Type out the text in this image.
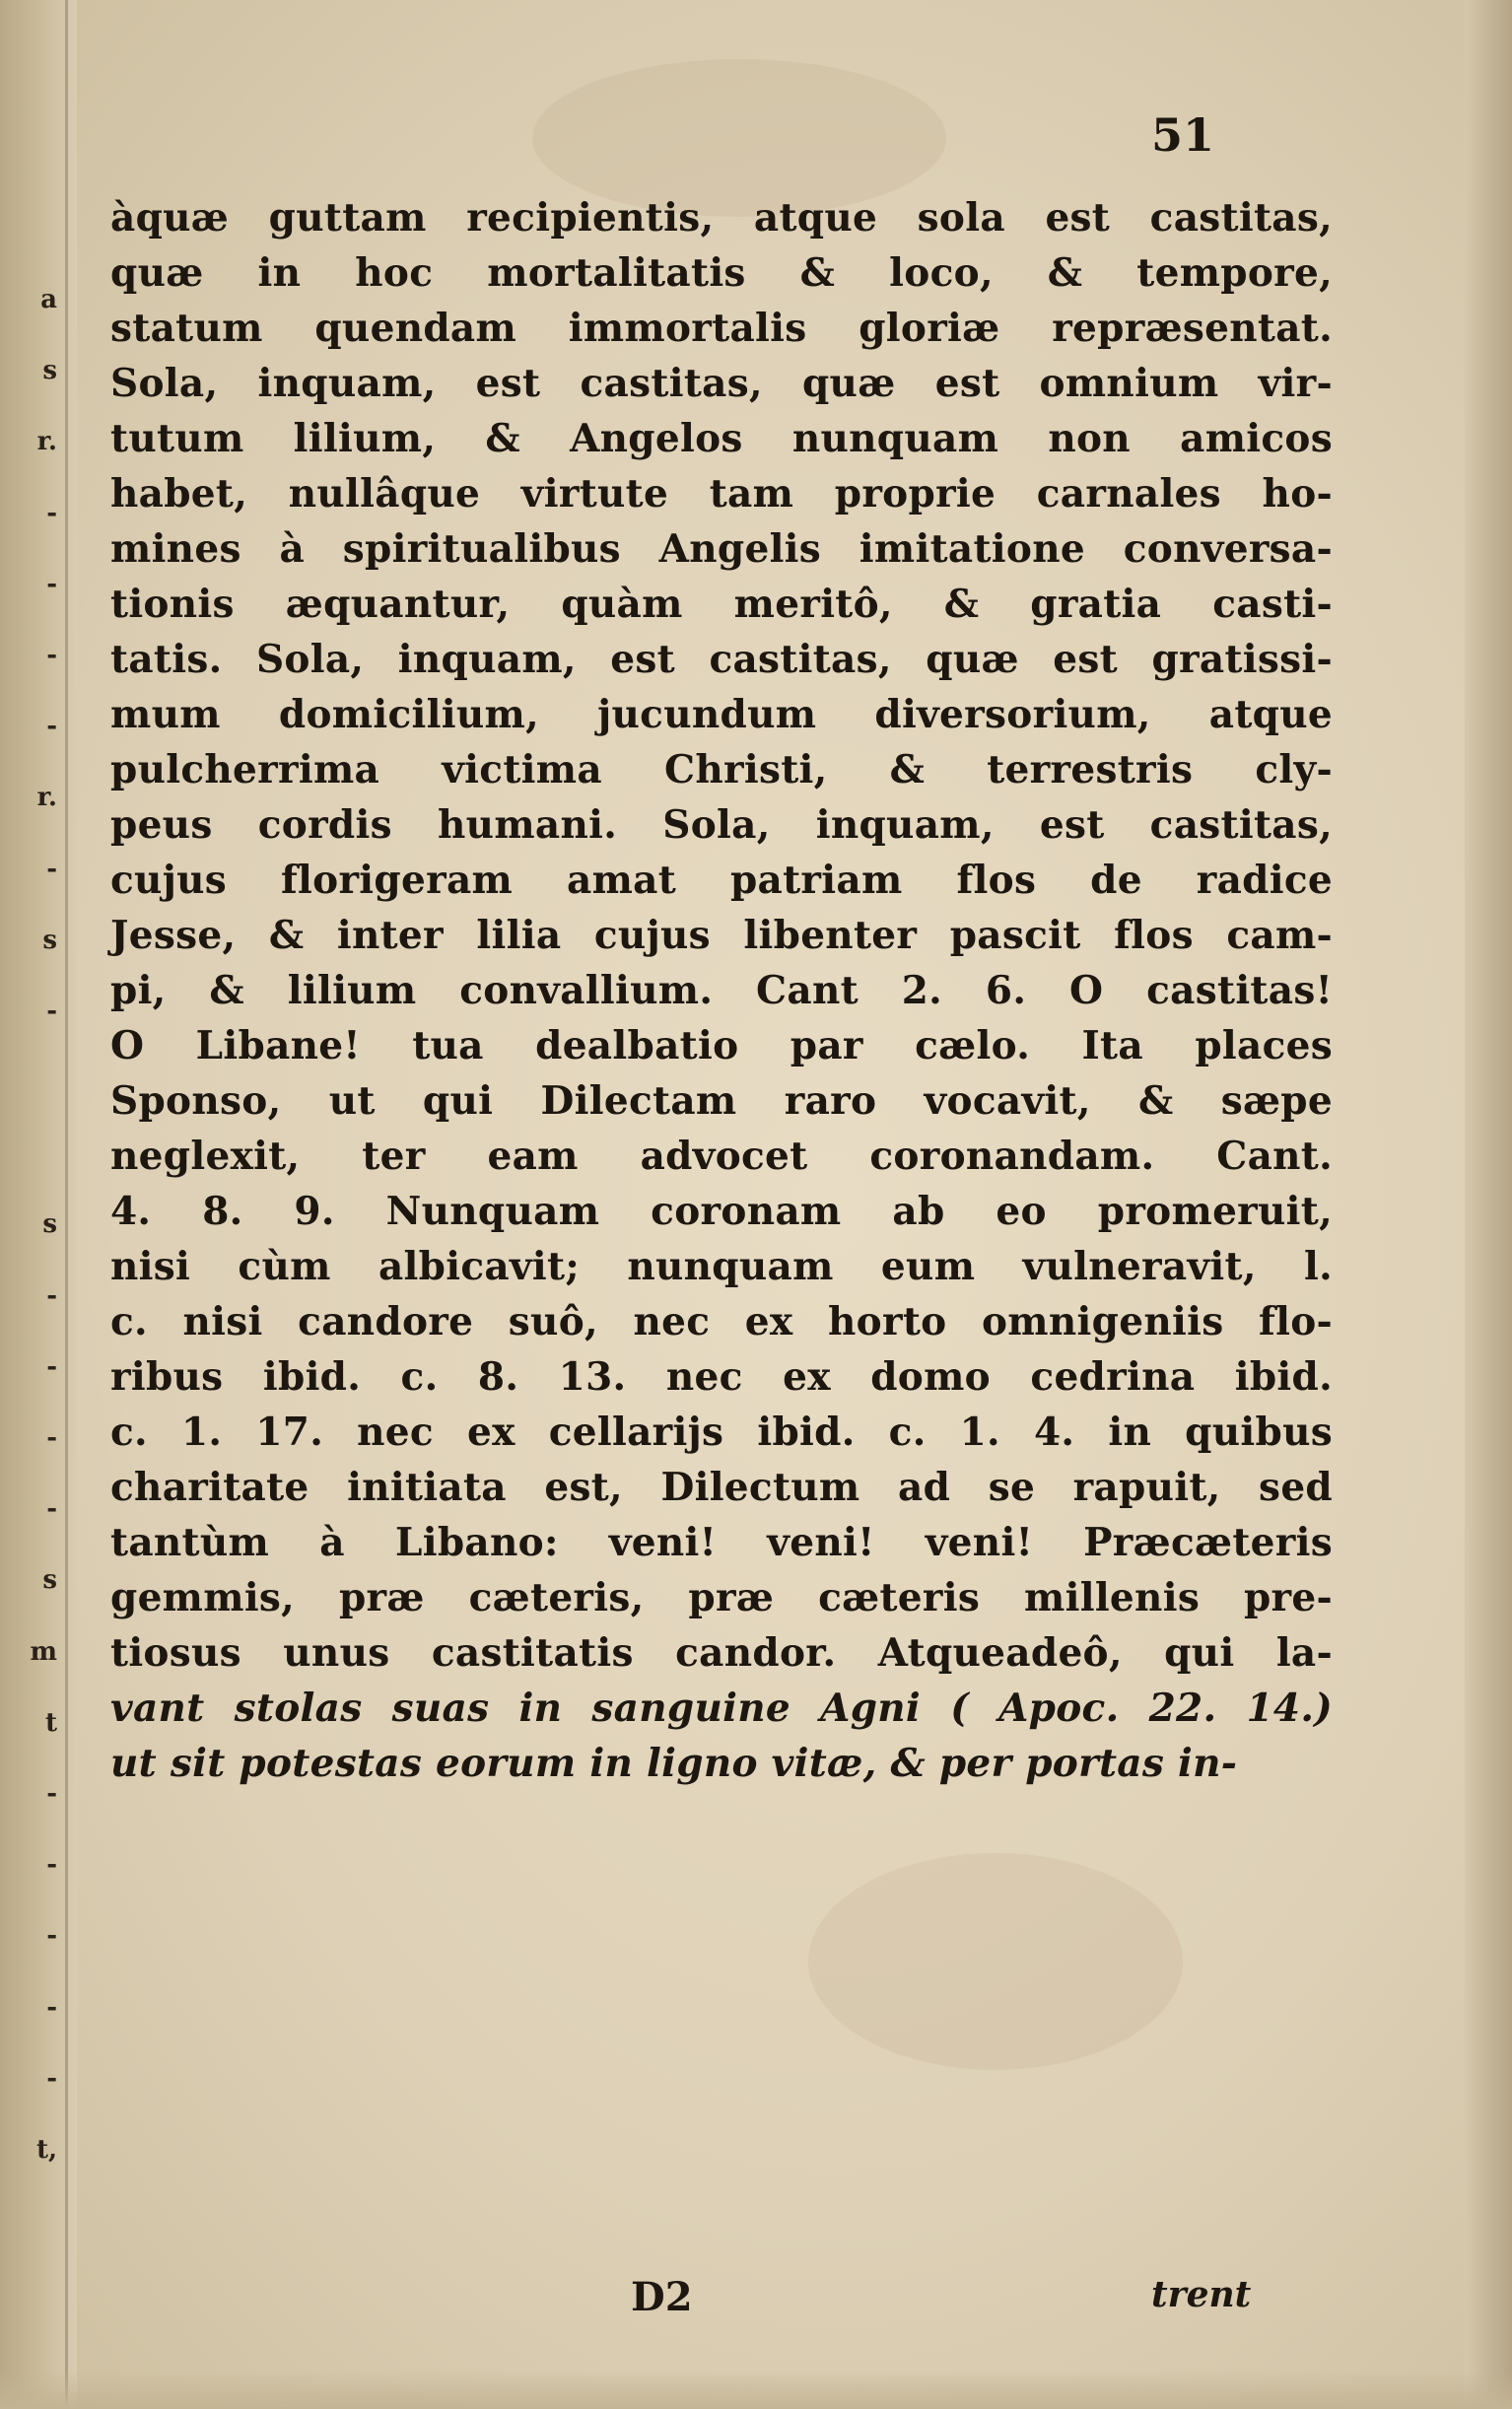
a
s
r.
-
-
-
-
r.
-
s
-
s
-
-
-
-
s
m
t
-
-
-
-
-
t,
51
àquæ guttam recipientis, atque sola est castitas,
quæ in hoc mortalitatis & loco, & tempore,
statum quendam immortalis gloriæ repræsentat.
Sola, inquam, est castitas, quæ est omnium vir-
tutum lilium, & Angelos nunquam non amicos
habet, nullâque virtute tam proprie carnales ho-
mines à spiritualibus Angelis imitatione conversa-
tionis æquantur, quàm meritô, & gratia casti-
tatis. Sola, inquam, est castitas, quæ est gratissi-
mum domicilium, jucundum diversorium, atque
pulcherrima victima Christi, & terrestris cly-
peus cordis humani. Sola, inquam, est castitas,
cujus florigeram amat patriam flos de radice
Jesse, & inter lilia cujus libenter pascit flos cam-
pi, & lilium convallium. Cant 2. 6. O castitas!
O Libane! tua dealbatio par cælo. Ita places
Sponso, ut qui Dilectam raro vocavit, & sæpe
neglexit, ter eam advocet coronandam. Cant.
4. 8. 9. Nunquam coronam ab eo promeruit,
nisi cùm albicavit; nunquam eum vulneravit, l.
c. nisi candore suô, nec ex horto omnigeniis flo-
ribus ibid. c. 8. 13. nec ex domo cedrina ibid.
c. 1. 17. nec ex cellarijs ibid. c. 1. 4. in quibus
charitate initiata est, Dilectum ad se rapuit, sed
tantùm à Libano: veni! veni! veni! Præcæteris
gemmis, præ cæteris, præ cæteris millenis pre-
tiosus unus castitatis candor. Atqueadeô, qui la-
vant stolas suas in sanguine Agni ( Apoc. 22. 14.)
ut sit potestas eorum in ligno vitæ, & per portas in-
D2	trent
